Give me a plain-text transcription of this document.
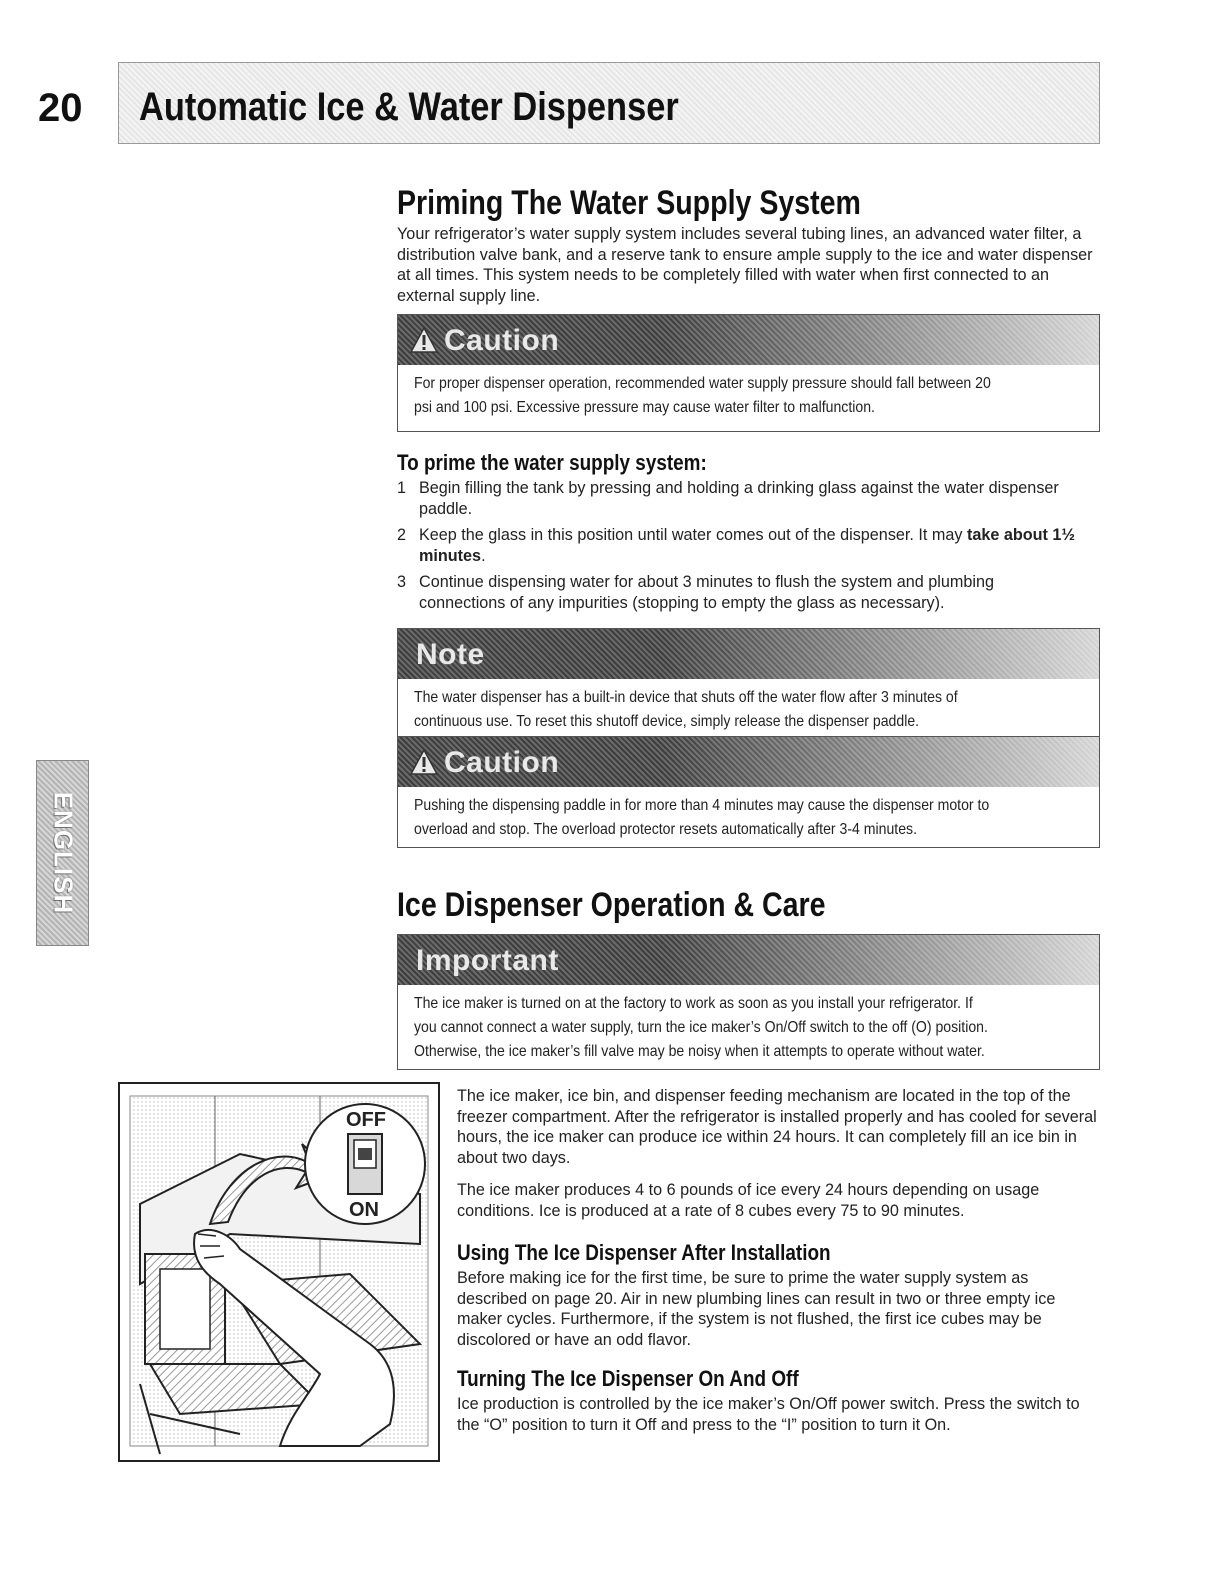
20 Automatic Ice & Water Dispenser
ENGLISH
Priming The Water Supply System
Your refrigerator’s water supply system includes several tubing lines, an advanced water filter, a distribution valve bank, and a reserve tank to ensure ample supply to the ice and water dispenser at all times. This system needs to be completely filled with water when first connected to an external supply line.
Caution
For proper dispenser operation, recommended water supply pressure should fall between 20
psi and 100 psi. Excessive pressure may cause water filter to malfunction.
To prime the water supply system:
1 Begin filling the tank by pressing and holding a drinking glass against the water dispenser paddle.
2 Keep the glass in this position until water comes out of the dispenser. It may take about 1½ minutes.
3 Continue dispensing water for about 3 minutes to flush the system and plumbing connections of any impurities (stopping to empty the glass as necessary).
Note
The water dispenser has a built-in device that shuts off the water flow after 3 minutes of
continuous use. To reset this shutoff device, simply release the dispenser paddle.
Caution
Pushing the dispensing paddle in for more than 4 minutes may cause the dispenser motor to
overload and stop. The overload protector resets automatically after 3-4 minutes.
Ice Dispenser Operation & Care
Important
The ice maker is turned on at the factory to work as soon as you install your refrigerator. If
you cannot connect a water supply, turn the ice maker’s On/Off switch to the off (O) position.
Otherwise, the ice maker’s fill valve may be noisy when it attempts to operate without water.
OFF
ON
The ice maker, ice bin, and dispenser feeding mechanism are located in the top of the freezer compartment. After the refrigerator is installed properly and has cooled for several hours, the ice maker can produce ice within 24 hours. It can completely fill an ice bin in about two days.
The ice maker produces 4 to 6 pounds of ice every 24 hours depending on usage conditions. Ice is produced at a rate of 8 cubes every 75 to 90 minutes.
Using The Ice Dispenser After Installation
Before making ice for the first time, be sure to prime the water supply system as described on page 20. Air in new plumbing lines can result in two or three empty ice maker cycles. Furthermore, if the system is not flushed, the first ice cubes may be discolored or have an odd flavor.
Turning The Ice Dispenser On And Off
Ice production is controlled by the ice maker’s On/Off power switch. Press the switch to the “O” position to turn it Off and press to the “I” position to turn it On.
